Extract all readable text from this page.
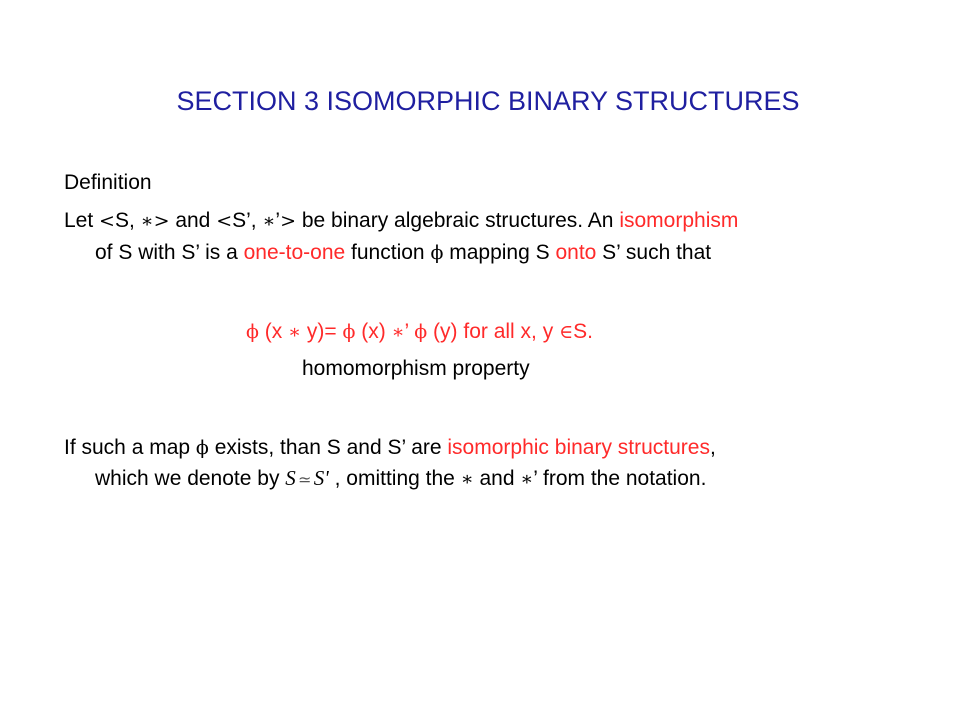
SECTION 3 ISOMORPHIC BINARY STRUCTURES
Definition
Let <S, ∗> and <S’, ∗’> be binary algebraic structures. An isomorphism
of S with S’ is a one-to-one function ϕ mapping S onto S’ such that
ϕ (x ∗ y)= ϕ (x) ∗’ ϕ (y) for all x, y ∈S.
homomorphism property
If such a map ϕ exists, than S and S’ are isomorphic binary structures,
which we denote by S ≃ S' , omitting the ∗ and ∗’ from the notation.
